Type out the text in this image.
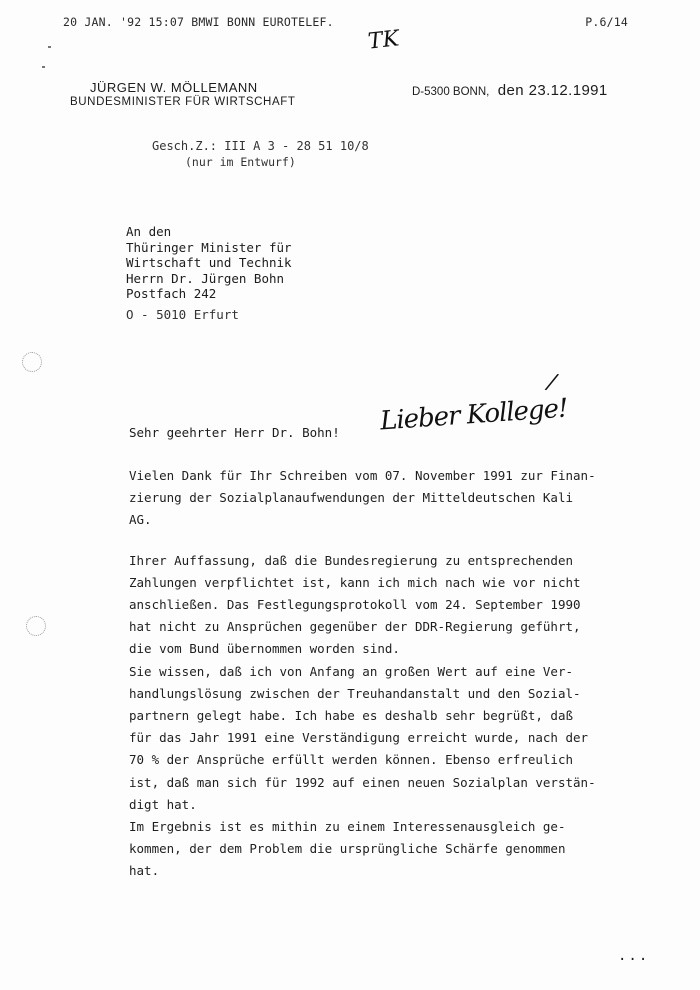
20 JAN. '92 15:07 BMWI BONN EUROTELEF.	P.6/14
TK
JÜRGEN W. MÖLLEMANN
BUNDESMINISTER FÜR WIRTSCHAFT
D-5300 BONN, den 23.12.1991
Gesch.Z.: III A 3 - 28 51 10/8
(nur im Entwurf)
An den
Thüringer Minister für
Wirtschaft und Technik
Herrn Dr. Jürgen Bohn
Postfach 242
O - 5010 Erfurt
/
Sehr geehrter Herr Dr. Bohn! Lieber Kollege!
Vielen Dank für Ihr Schreiben vom 07. November 1991 zur Finan-
zierung der Sozialplanaufwendungen der Mitteldeutschen Kali
AG.
Ihrer Auffassung, daß die Bundesregierung zu entsprechenden
Zahlungen verpflichtet ist, kann ich mich nach wie vor nicht
anschließen. Das Festlegungsprotokoll vom 24. September 1990
hat nicht zu Ansprüchen gegenüber der DDR-Regierung geführt,
die vom Bund übernommen worden sind.
Sie wissen, daß ich von Anfang an großen Wert auf eine Ver-
handlungslösung zwischen der Treuhandanstalt und den Sozial-
partnern gelegt habe. Ich habe es deshalb sehr begrüßt, daß
für das Jahr 1991 eine Verständigung erreicht wurde, nach der
70 % der Ansprüche erfüllt werden können. Ebenso erfreulich
ist, daß man sich für 1992 auf einen neuen Sozialplan verstän-
digt hat.
Im Ergebnis ist es mithin zu einem Interessenausgleich ge-
kommen, der dem Problem die ursprüngliche Schärfe genommen
hat.
...
